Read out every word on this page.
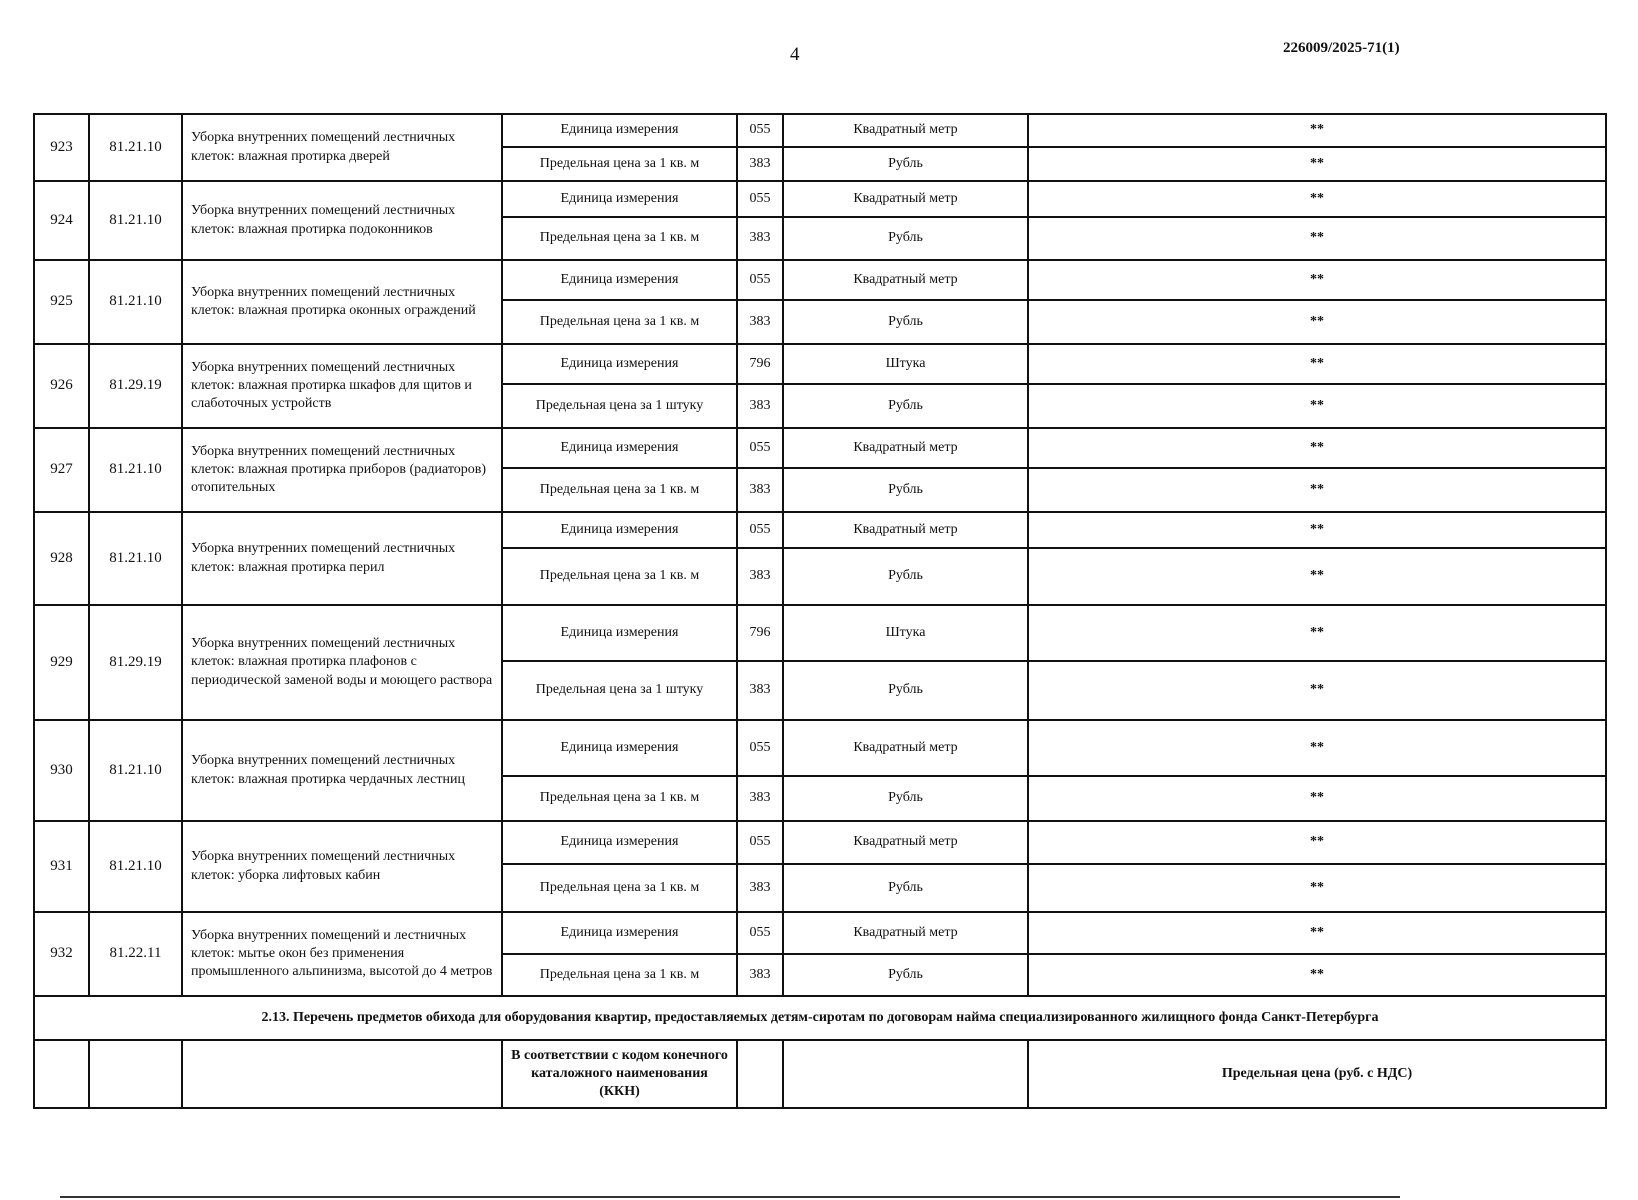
4	226009/2025-71(1)
923	81.21.10	Уборка внутренних помещений лестничных клеток: влажная протирка дверей	Единица измерения	055	Квадратный метр	**
			Предельная цена за 1 кв. м	383	Рубль	**
924	81.21.10	Уборка внутренних помещений лестничных клеток: влажная протирка подоконников	Единица измерения	055	Квадратный метр	**
			Предельная цена за 1 кв. м	383	Рубль	**
925	81.21.10	Уборка внутренних помещений лестничных клеток: влажная протирка оконных ограждений	Единица измерения	055	Квадратный метр	**
			Предельная цена за 1 кв. м	383	Рубль	**
926	81.29.19	Уборка внутренних помещений лестничных клеток: влажная протирка шкафов для щитов и слаботочных устройств	Единица измерения	796	Штука	**
			Предельная цена за 1 штуку	383	Рубль	**
927	81.21.10	Уборка внутренних помещений лестничных клеток: влажная протирка приборов (радиаторов) отопительных	Единица измерения	055	Квадратный метр	**
			Предельная цена за 1 кв. м	383	Рубль	**
928	81.21.10	Уборка внутренних помещений лестничных клеток: влажная протирка перил	Единица измерения	055	Квадратный метр	**
			Предельная цена за 1 кв. м	383	Рубль	**
929	81.29.19	Уборка внутренних помещений лестничных клеток: влажная протирка плафонов с периодической заменой воды и моющего раствора	Единица измерения	796	Штука	**
			Предельная цена за 1 штуку	383	Рубль	**
930	81.21.10	Уборка внутренних помещений лестничных клеток: влажная протирка чердачных лестниц	Единица измерения	055	Квадратный метр	**
			Предельная цена за 1 кв. м	383	Рубль	**
931	81.21.10	Уборка внутренних помещений лестничных клеток: уборка лифтовых кабин	Единица измерения	055	Квадратный метр	**
			Предельная цена за 1 кв. м	383	Рубль	**
932	81.22.11	Уборка внутренних помещений и лестничных клеток: мытье окон без применения промышленного альпинизма, высотой до 4 метров	Единица измерения	055	Квадратный метр	**
			Предельная цена за 1 кв. м	383	Рубль	**
2.13. Перечень предметов обихода для оборудования квартир, предоставляемых детям-сиротам по договорам найма специализированного жилищного фонда Санкт-Петербурга						
			В соответствии с кодом конечного каталожного наименования (ККН)			Предельная цена (руб. с НДС)
